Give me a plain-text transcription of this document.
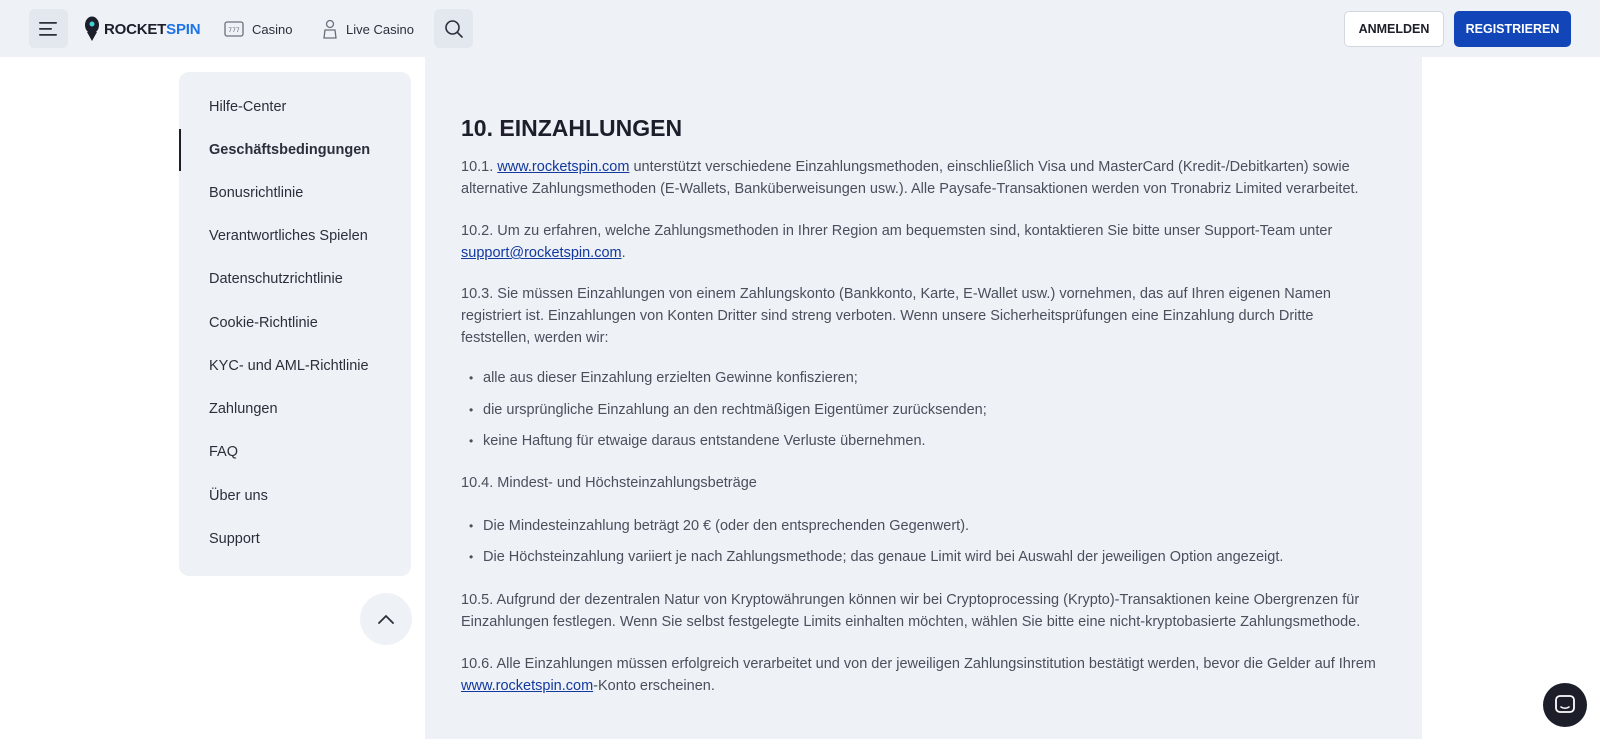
ROCKETSPIN	777 Casino	Live Casino	ANMELDEN	REGISTRIEREN
Hilfe-Center
Geschäftsbedingungen
Bonusrichtlinie
Verantwortliches Spielen
Datenschutzrichtlinie
Cookie-Richtlinie
KYC- und AML-Richtlinie
Zahlungen
FAQ
Über uns
Support
10. EINZAHLUNGEN
10.1. www.rocketspin.com unterstützt verschiedene Einzahlungsmethoden, einschließlich Visa und MasterCard (Kredit-/Debitkarten) sowie alternative Zahlungsmethoden (E-Wallets, Banküberweisungen usw.). Alle Paysafe-Transaktionen werden von Tronabriz Limited verarbeitet.
10.2. Um zu erfahren, welche Zahlungsmethoden in Ihrer Region am bequemsten sind, kontaktieren Sie bitte unser Support-Team unter support@rocketspin.com.
10.3. Sie müssen Einzahlungen von einem Zahlungskonto (Bankkonto, Karte, E-Wallet usw.) vornehmen, das auf Ihren eigenen Namen registriert ist. Einzahlungen von Konten Dritter sind streng verboten. Wenn unsere Sicherheitsprüfungen eine Einzahlung durch Dritte feststellen, werden wir:
• alle aus dieser Einzahlung erzielten Gewinne konfiszieren;
• die ursprüngliche Einzahlung an den rechtmäßigen Eigentümer zurücksenden;
• keine Haftung für etwaige daraus entstandene Verluste übernehmen.
10.4. Mindest- und Höchsteinzahlungsbeträge
• Die Mindesteinzahlung beträgt 20 € (oder den entsprechenden Gegenwert).
• Die Höchsteinzahlung variiert je nach Zahlungsmethode; das genaue Limit wird bei Auswahl der jeweiligen Option angezeigt.
10.5. Aufgrund der dezentralen Natur von Kryptowährungen können wir bei Cryptoprocessing (Krypto)-Transaktionen keine Obergrenzen für Einzahlungen festlegen. Wenn Sie selbst festgelegte Limits einhalten möchten, wählen Sie bitte eine nicht-kryptobasierte Zahlungsmethode.
10.6. Alle Einzahlungen müssen erfolgreich verarbeitet und von der jeweiligen Zahlungsinstitution bestätigt werden, bevor die Gelder auf Ihrem www.rocketspin.com-Konto erscheinen.
